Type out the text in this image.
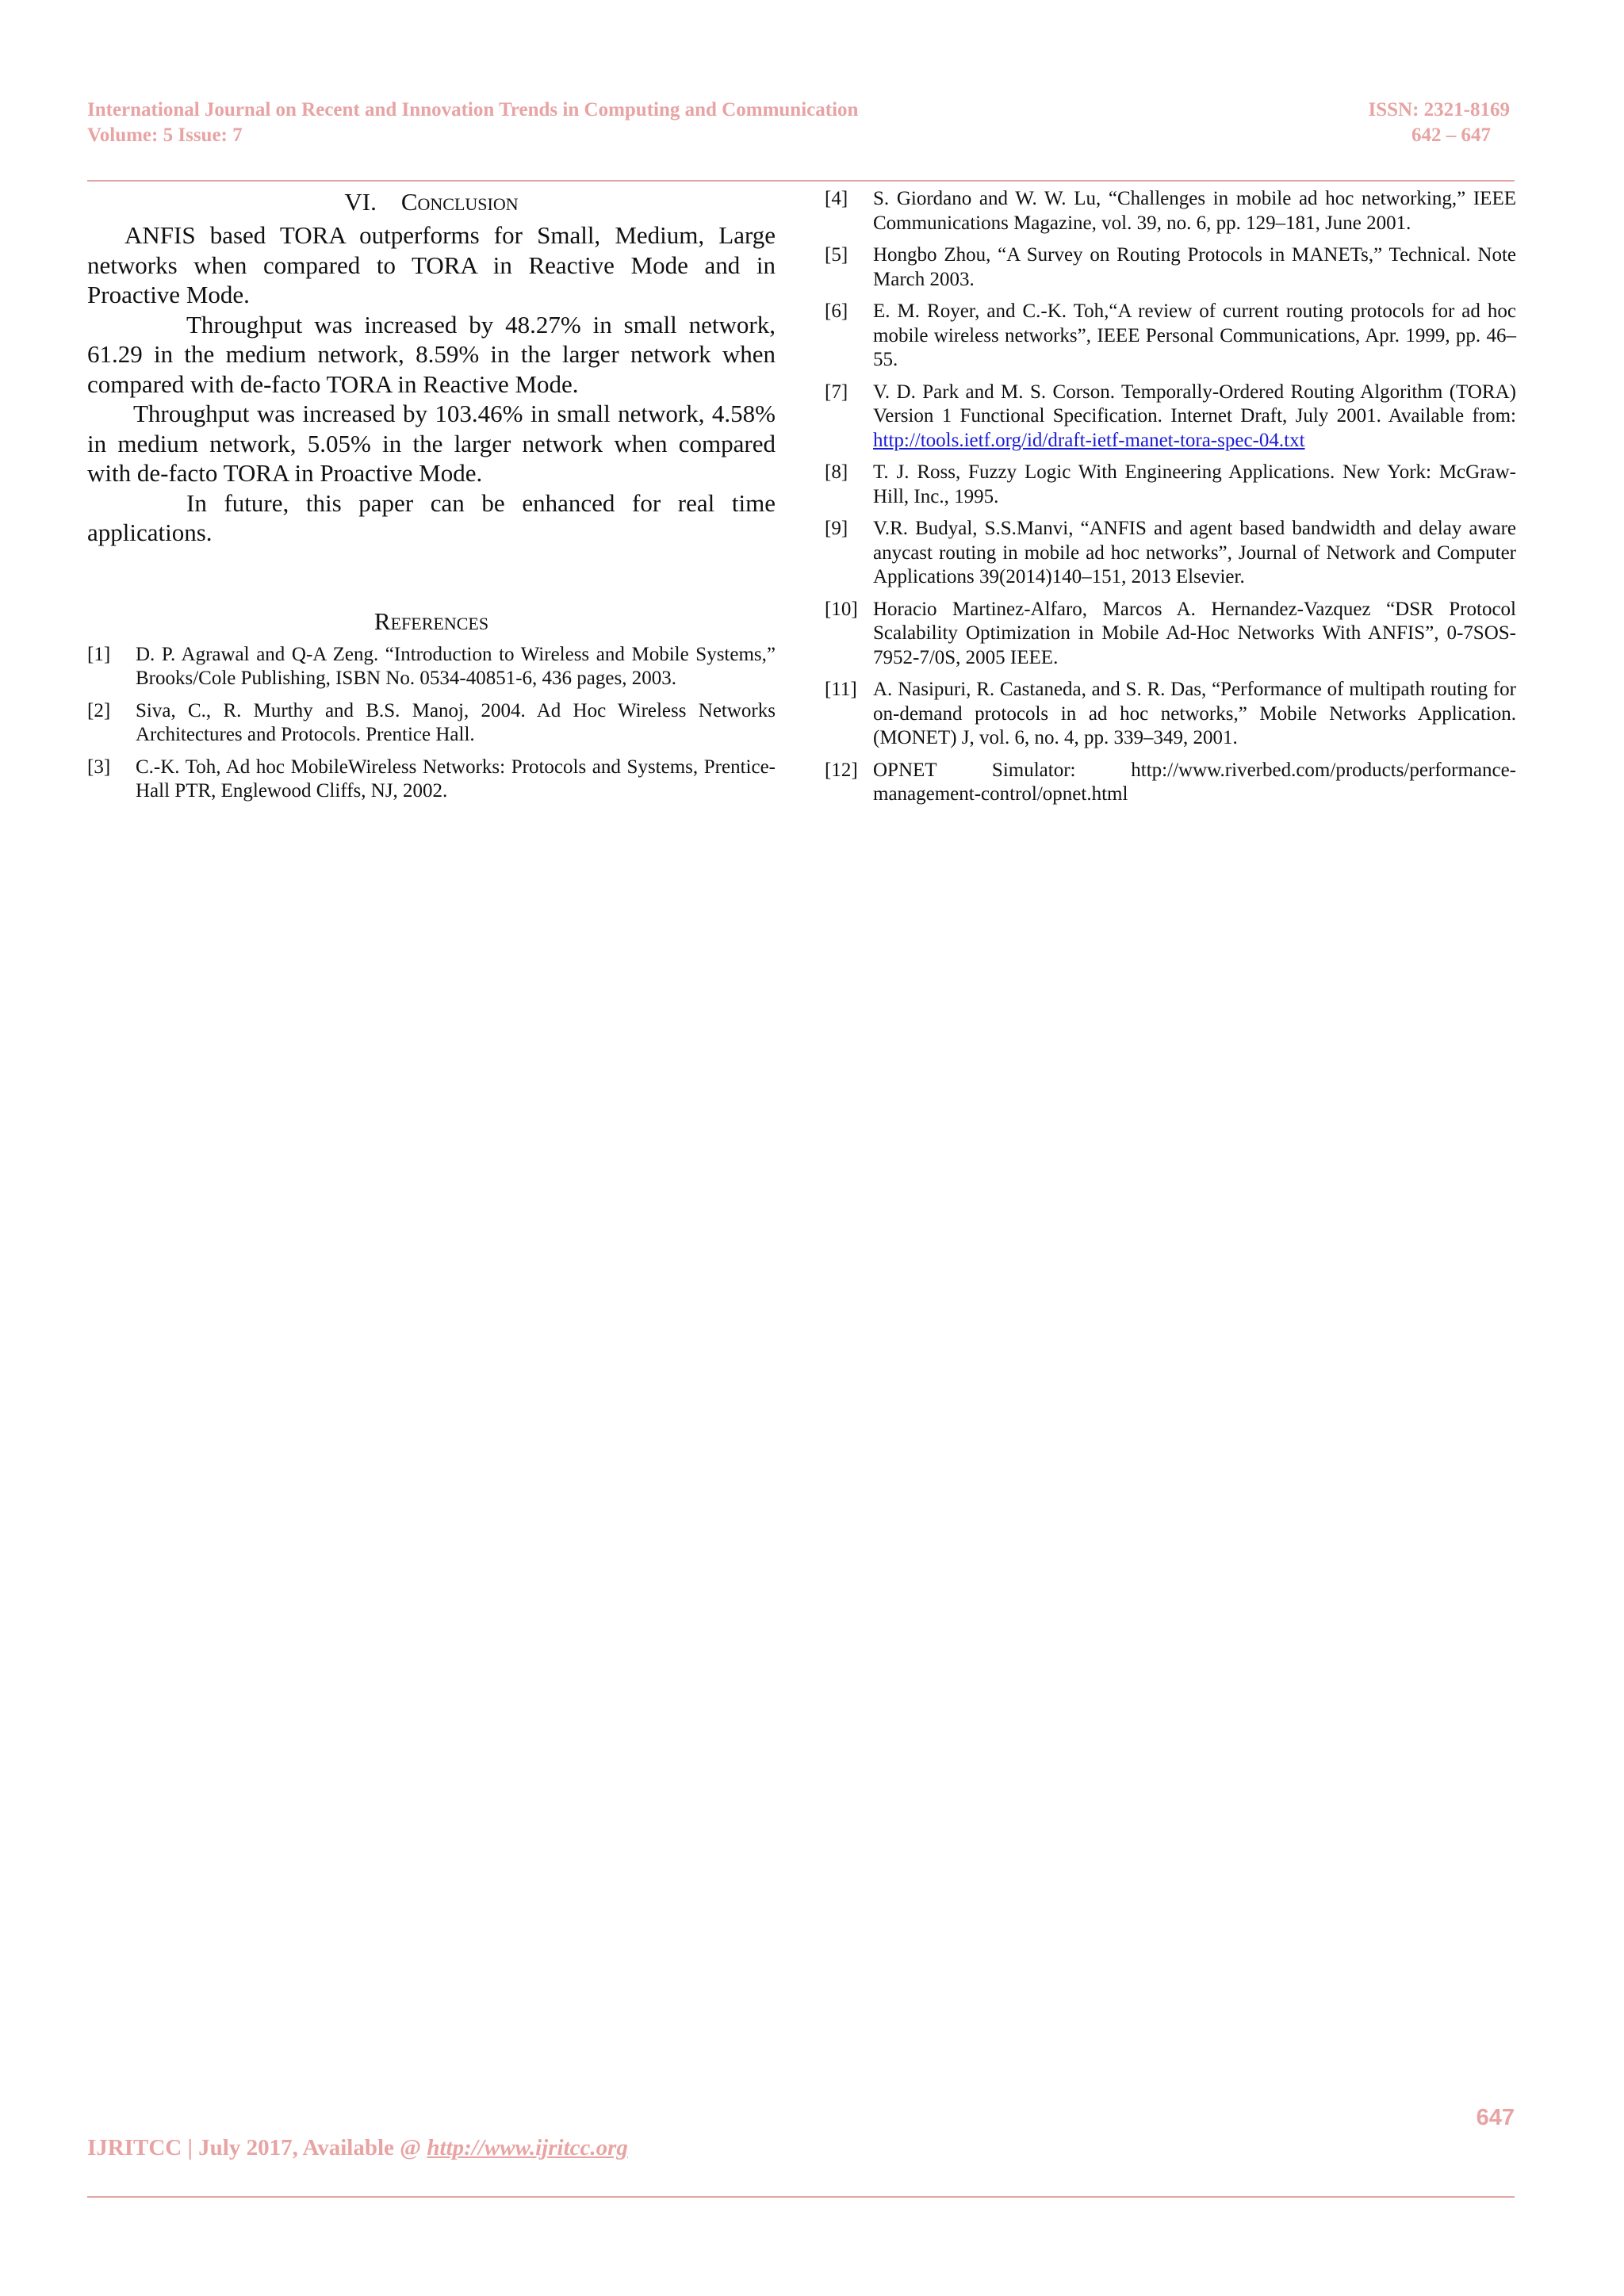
International Journal on Recent and Innovation Trends in Computing and Communication
Volume: 5 Issue: 7
ISSN: 2321-8169
642 – 647
VI. Conclusion

ANFIS based TORA outperforms for Small, Medium, Large networks when compared to TORA in Reactive Mode and in Proactive Mode.

Throughput was increased by 48.27% in small network, 61.29 in the medium network, 8.59% in the larger network when compared with de-facto TORA in Reactive Mode.

Throughput was increased by 103.46% in small network, 4.58% in medium network, 5.05% in the larger network when compared with de-facto TORA in Proactive Mode.

In future, this paper can be enhanced for real time applications.

References
[1]	D. P. Agrawal and Q-A Zeng. “Introduction to Wireless and Mobile Systems,” Brooks/Cole Publishing, ISBN No. 0534-40851-6, 436 pages, 2003.
[2]	Siva, C., R. Murthy and B.S. Manoj, 2004. Ad Hoc Wireless Networks Architectures and Protocols. Prentice Hall.
[3]	C.-K. Toh, Ad hoc MobileWireless Networks: Protocols and Systems, Prentice-Hall PTR, Englewood Cliffs, NJ, 2002.
[4]	S. Giordano and W. W. Lu, “Challenges in mobile ad hoc networking,” IEEE Communications Magazine, vol. 39, no. 6, pp. 129–181, June 2001.
[5]	Hongbo Zhou, “A Survey on Routing Protocols in MANETs,” Technical. Note March 2003.
[6]	E. M. Royer, and C.-K. Toh,“A review of current routing protocols for ad hoc mobile wireless networks”, IEEE Personal Communications, Apr. 1999, pp. 46–55.
[7]	V. D. Park and M. S. Corson. Temporally-Ordered Routing Algorithm (TORA) Version 1 Functional Specification. Internet Draft, July 2001. Available from: http://tools.ietf.org/id/draft-ietf-manet-tora-spec-04.txt
[8]	T. J. Ross, Fuzzy Logic With Engineering Applications. New York: McGraw-Hill, Inc., 1995.
[9]	V.R. Budyal, S.S.Manvi, “ANFIS and agent based bandwidth and delay aware anycast routing in mobile ad hoc networks”, Journal of Network and Computer Applications 39(2014)140–151, 2013 Elsevier.
[10] Horacio Martinez-Alfaro, Marcos A. Hernandez-Vazquez “DSR Protocol Scalability Optimization in Mobile Ad-Hoc Networks With ANFIS”, 0-7SOS-7952-7/0S, 2005 IEEE.
[11] A. Nasipuri, R. Castaneda, and S. R. Das, “Performance of multipath routing for on-demand protocols in ad hoc networks,” Mobile Networks Application. (MONET) J, vol. 6, no. 4, pp. 339–349, 2001.
[12] OPNET Simulator: http://www.riverbed.com/products/performance-management-control/opnet.html
647
IJRITCC | July 2017, Available @ http://www.ijritcc.org
